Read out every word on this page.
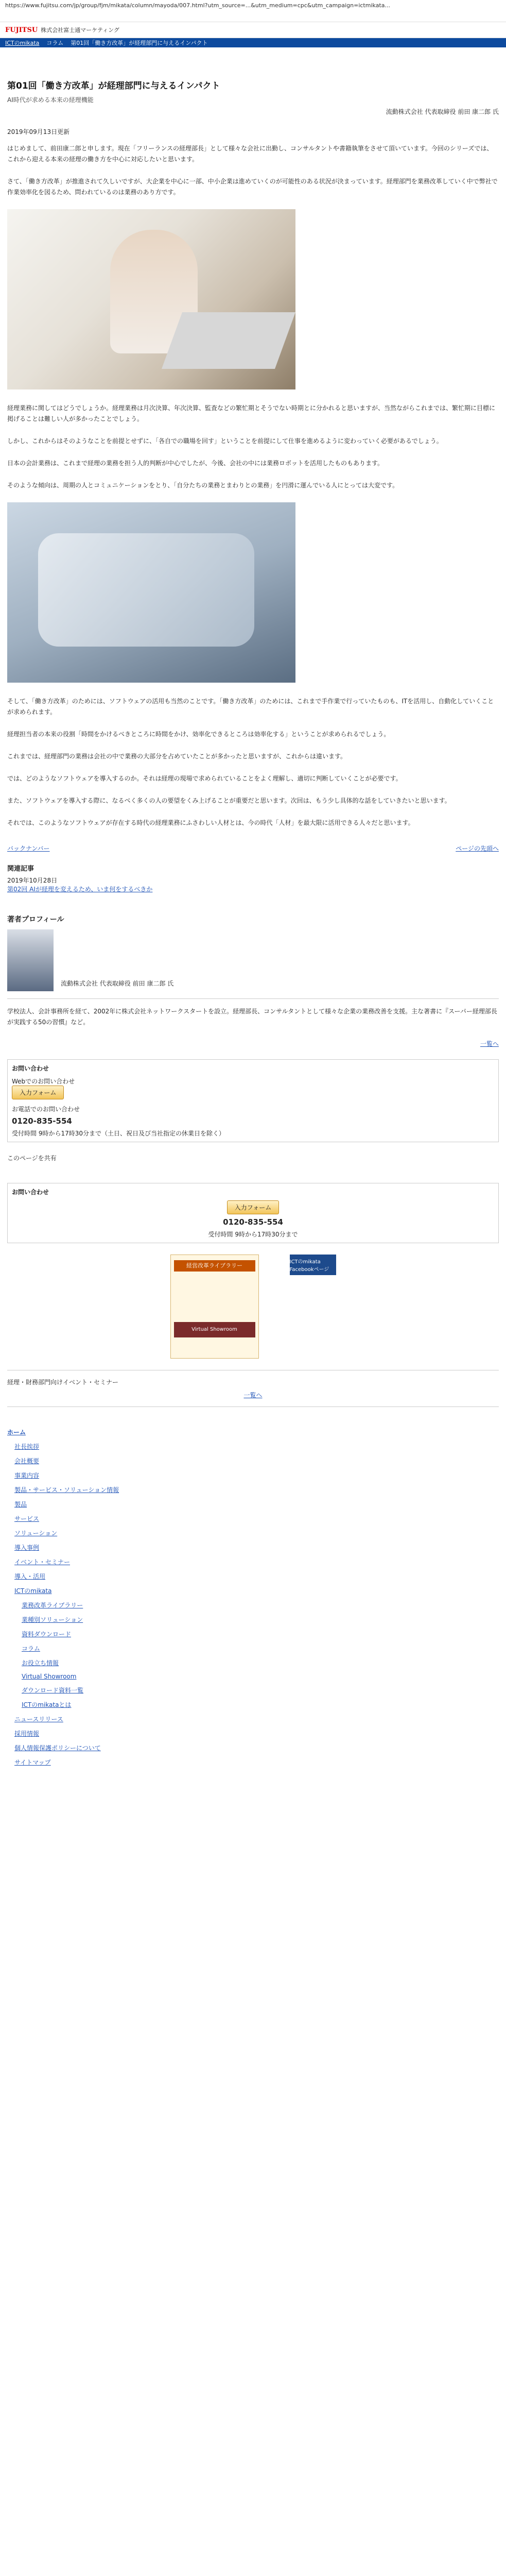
https://www.fujitsu.com/jp/group/fjm/mikata/column/mayoda/007.html?utm_source=...&utm_medium=cpc&utm_campaign=ictmikata...
FUJITSU 株式会社富士通マーケティング
ICTのmikata コラム 第01回「働き方改革」が経理部門に与えるインパクト
第01回「働き方改革」が経理部門に与えるインパクト
AI時代が求める本来の経理機能
流動株式会社 代表取締役 前田 康二郎 氏
2019年09月13日更新

はじめまして、前田康二郎と申します。現在「フリーランスの経理部長」として様々な会社に出勤し、コンサルタントや書籍執筆をさせて頂いています。今回のシリーズでは、これから迎える本来の経理の働き方を中心に対応したいと思います。

さて、「働き方改革」が推進されて久しいですが、大企業を中心に一部、中小企業は進めていくのが可能性のある状況が決まっています。経理部門を業務改革していく中で弊社で作業効率化を図るため、問われているのは業務のあり方です。

経理業務に関してはどうでしょうか。経理業務は月次決算、年次決算、監査などの繁忙期とそうでない時期とに分かれると思いますが、当然ながらこれまでは、繁忙期に目標に掲げることは難しい人が多かったことでしょう。

しかし、これからはそのようなことを前提とせずに、「各自での職場を回す」ということを前提にして仕事を進めるように変わっていく必要があるでしょう。

日本の会計業務は、これまで経理の業務を担う人的判断が中心でしたが、今後、会社の中には業務ロボットを活用したものもあります。

そのような傾向は、周期の人とコミュニケーションをとり、「自分たちの業務とまわりとの業務」を円滑に運んでいる人にとっては大変です。

そして、「働き方改革」のためには、ソフトウェアの活用も当然のことです。「働き方改革」のためには、これまで手作業で行っていたものも、ITを活用し、自動化していくことが求められます。

経理担当者の本来の役割「時間をかけるべきところに時間をかけ、効率化できるところは効率化する」ということが求められるでしょう。

これまでは、経理部門の業務は会社の中で業務の大部分を占めていたことが多かったと思いますが、これからは違います。

では、どのようなソフトウェアを導入するのか。それは経理の現場で求められていることをよく理解し、適切に判断していくことが必要です。

また、ソフトウェアを導入する際に、なるべく多くの人の要望をくみ上げることが重要だと思います。次回は、もう少し具体的な話をしていきたいと思います。

それでは、このようなソフトウェアが存在する時代の経理業務にふさわしい人材とは、今の時代「人材」を最大限に活用できる人々だと思います。

バックナンバー	ページの先頭へ
関連記事
2019年10月28日
第02回 AIが経理を変えるため、いま何をするべきか
著者プロフィール
流動株式会社 代表取締役 前田 康二郎 氏

学校法人、会計事務所を経て、2002年に株式会社ネットワークスタートを設立。経理部長、コンサルタントとして様々な企業の業務改善を支援。主な著書に『スーパー経理部長が実践する50の習慣』など。

一覧へ
お問い合わせ
Webでのお問い合わせ
入力フォーム
お電話でのお問い合わせ
0120-835-554
受付時間 9時から17時30分まで（土日、祝日及び当社指定の休業日を除く）
このページを共有
お問い合わせ
入力フォーム
0120-835-554
受付時間 9時から17時30分まで
経営改革ライブラリー
Virtual Showroom
ICTのmikata Facebookページ
経理・財務部門向けイベント・セミナー
一覧へ
ホーム
社長挨拶
会社概要
事業内容
製品・サービス・ソリューション情報
製品
サービス
ソリューション
導入事例
イベント・セミナー
導入・活用
ICTのmikata
業務改革ライブラリー
業種別ソリューション
資料ダウンロード
コラム
お役立ち情報
Virtual Showroom
ダウンロード資料一覧
ICTのmikataとは
ニュースリリース
採用情報
個人情報保護ポリシーについて
サイトマップ
